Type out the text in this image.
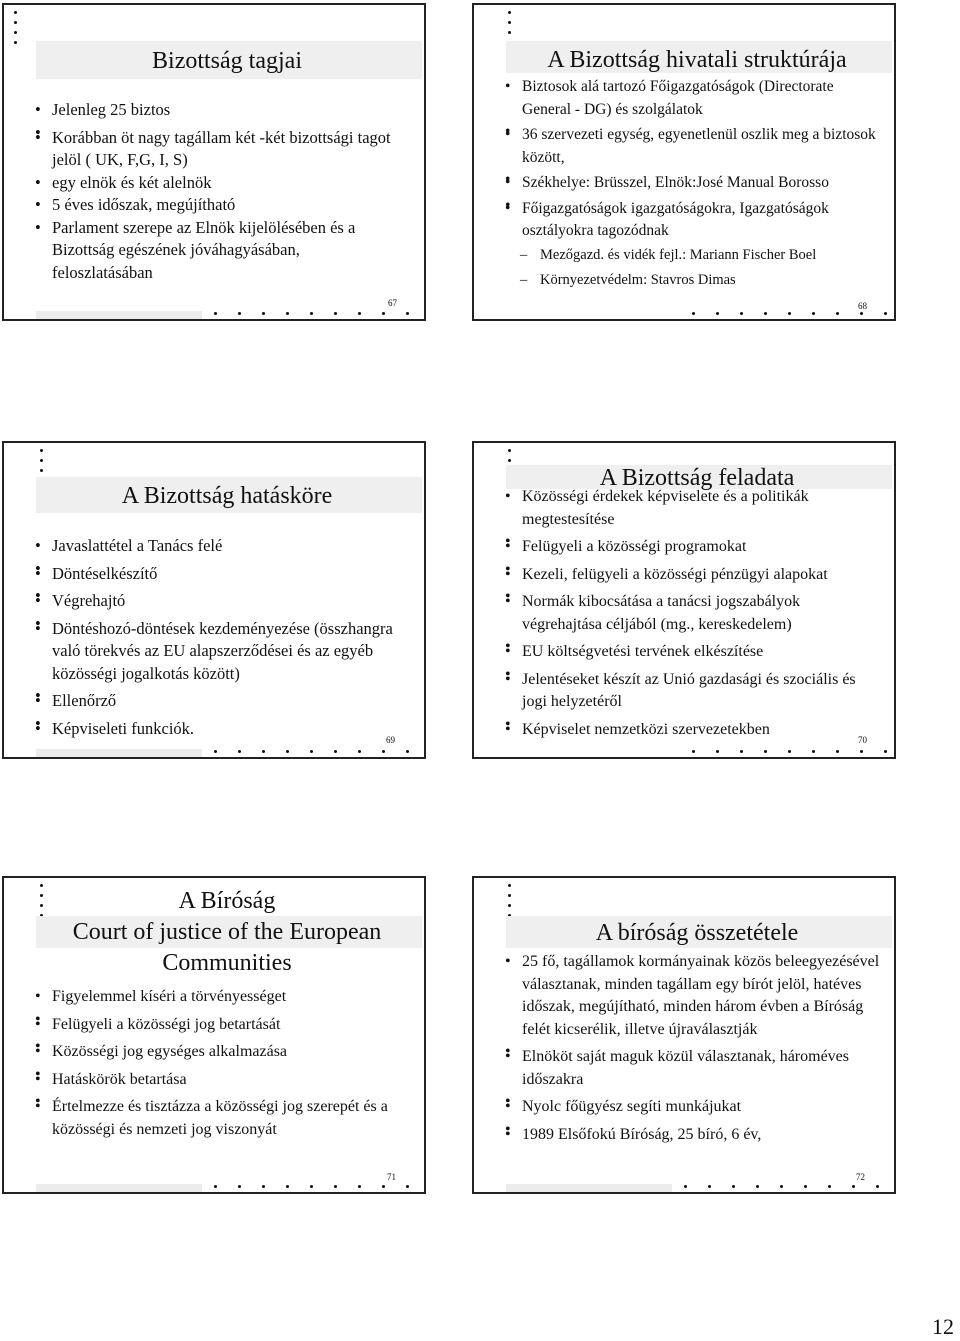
Bizottság tagjai
• Jelenleg 25 biztos
•
• Korábban öt nagy tagállam két -két bizottsági tagot jelöl ( UK, F,G, I, S)
• egy elnök és két alelnök
• 5 éves időszak, megújítható
• Parlament szerepe az Elnök kijelölésében és a Bizottság egészének jóváhagyásában, feloszlatásában
67
A Bizottság hivatali struktúrája
• Biztosok alá tartozó Főigazgatóságok (Directorate General - DG) és szolgálatok
•
• 36 szervezeti egység, egyenetlenül oszlik meg a biztosok között,
•
• Székhelye: Brüsszel, Elnök:José Manual Borosso
•
• Főigazgatóságok igazgatóságokra, Igazgatóságok osztályokra tagozódnak
– Mezőgazd. és vidék fejl.: Mariann Fischer Boel
– Környezetvédelm: Stavros Dimas
68
A Bizottság hatásköre
• Javaslattétel a Tanács felé
•
• Döntéselkészítő
•
• Végrehajtó
•
• Döntéshozó-döntések kezdeményezése (összhangra való törekvés az EU alapszerződései és az egyéb közösségi jogalkotás között)
•
• Ellenőrző
•
• Képviseleti funkciók.
69
A Bizottság feladata
• Közösségi érdekek képviselete és a politikák megtestesítése
•
• Felügyeli a közösségi programokat
•
• Kezeli, felügyeli a közösségi pénzügyi alapokat
•
• Normák kibocsátása a tanácsi jogszabályok végrehajtása céljából (mg., kereskedelem)
•
• EU költségvetési tervének elkészítése
•
• Jelentéseket készít az Unió gazdasági és szociális és jogi helyzetéről
•
• Képviselet nemzetközi szervezetekben
70
A Bíróság
Court of justice of the European
Communities
• Figyelemmel kíséri a törvényességet
•
• Felügyeli a közösségi jog betartását
•
• Közösségi jog egységes alkalmazása
•
• Hatáskörök betartása
•
• Értelmezze és tisztázza a közösségi jog szerepét és a közösségi és nemzeti jog viszonyát
71
A bíróság összetétele
• 25 fő, tagállamok kormányainak közös beleegyezésével választanak, minden tagállam egy bírót jelöl, hatéves időszak, megújítható, minden három évben a Bíróság felét kicserélik, illetve újraválasztják
•
• Elnököt saját maguk közül választanak, hároméves időszakra
•
• Nyolc főügyész segíti munkájukat
•
• 1989 Elsőfokú Bíróság, 25 bíró, 6 év,
72
12
